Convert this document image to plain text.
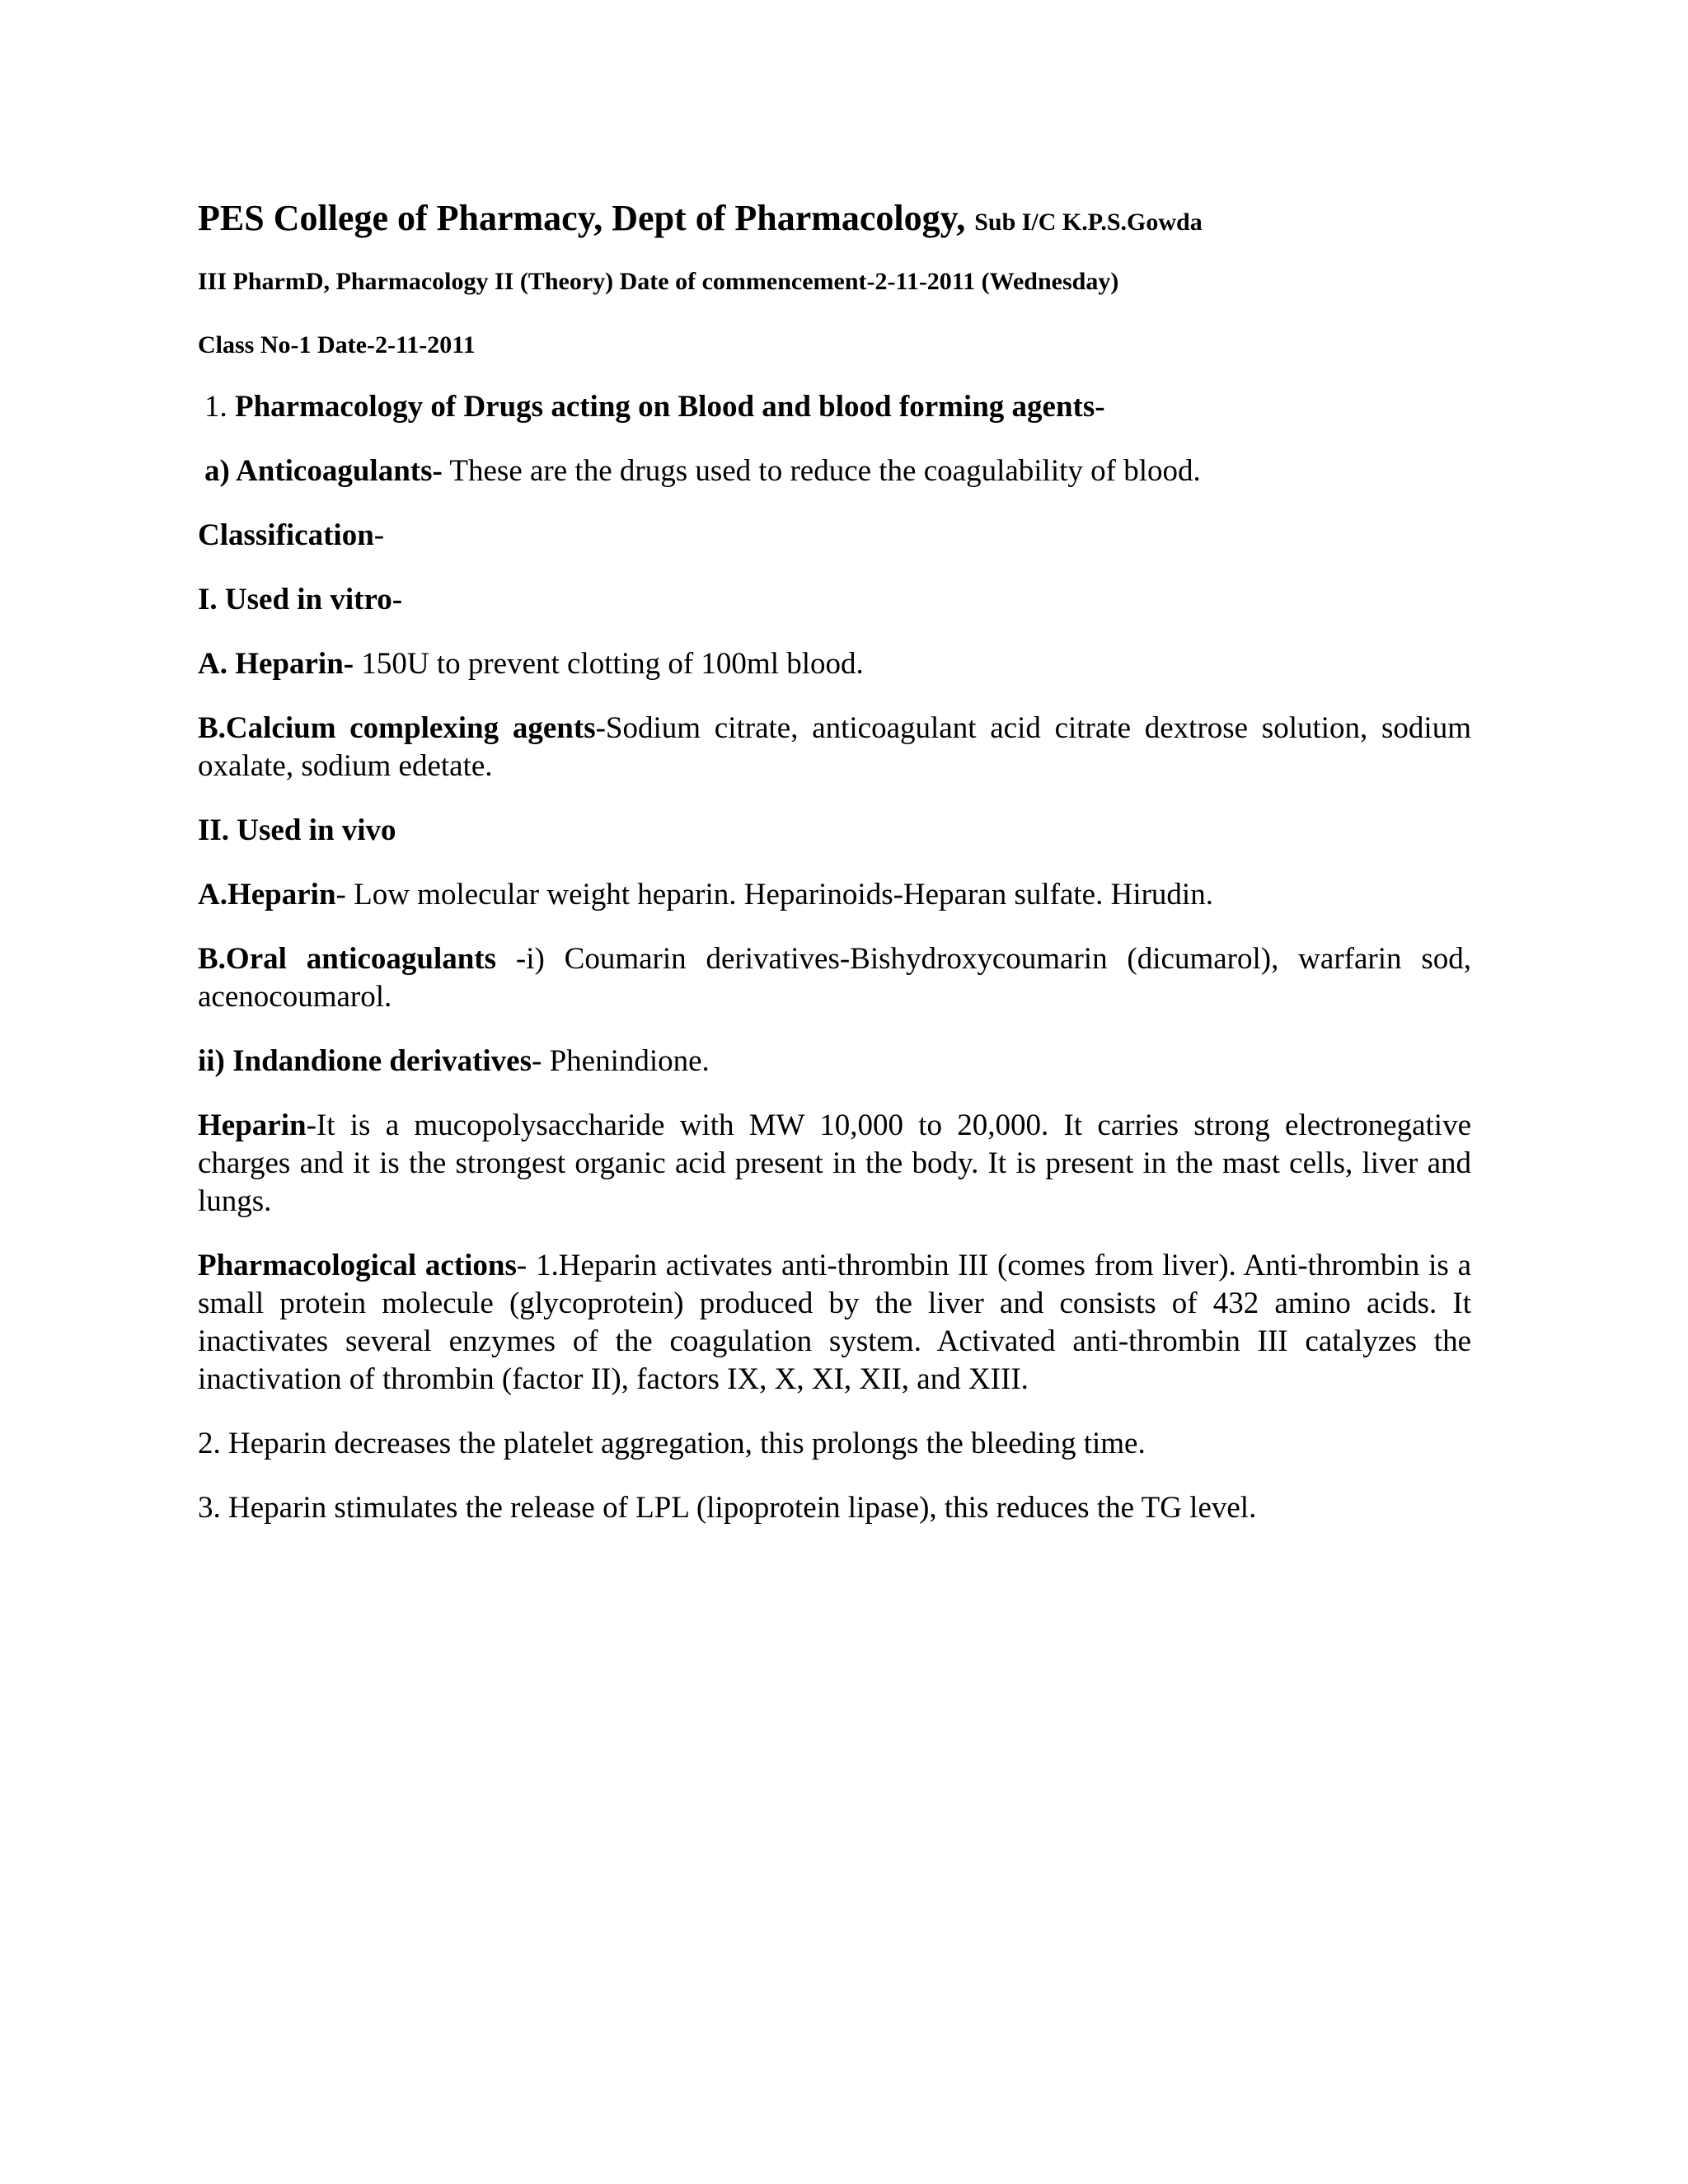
PES College of Pharmacy, Dept of Pharmacology, Sub I/C K.P.S.Gowda

III PharmD, Pharmacology II (Theory) Date of commencement-2-11-2011 (Wednesday)

Class No-1 Date-2-11-2011

1. Pharmacology of Drugs acting on Blood and blood forming agents-

a) Anticoagulants- These are the drugs used to reduce the coagulability of blood.

Classification-

I. Used in vitro-

A. Heparin- 150U to prevent clotting of 100ml blood.

B.Calcium complexing agents-Sodium citrate, anticoagulant acid citrate dextrose solution, sodium oxalate, sodium edetate.

II. Used in vivo

A.Heparin- Low molecular weight heparin. Heparinoids-Heparan sulfate. Hirudin.

B.Oral anticoagulants -i) Coumarin derivatives-Bishydroxycoumarin (dicumarol), warfarin sod, acenocoumarol.

ii) Indandione derivatives- Phenindione.

Heparin-It is a mucopolysaccharide with MW 10,000 to 20,000. It carries strong electronegative charges and it is the strongest organic acid present in the body. It is present in the mast cells, liver and lungs.

Pharmacological actions- 1.Heparin activates anti-thrombin III (comes from liver). Anti-thrombin is a small protein molecule (glycoprotein) produced by the liver and consists of 432 amino acids. It inactivates several enzymes of the coagulation system. Activated anti-thrombin III catalyzes the inactivation of thrombin (factor II), factors IX, X, XI, XII, and XIII.

2. Heparin decreases the platelet aggregation, this prolongs the bleeding time.

3. Heparin stimulates the release of LPL (lipoprotein lipase), this reduces the TG level.
